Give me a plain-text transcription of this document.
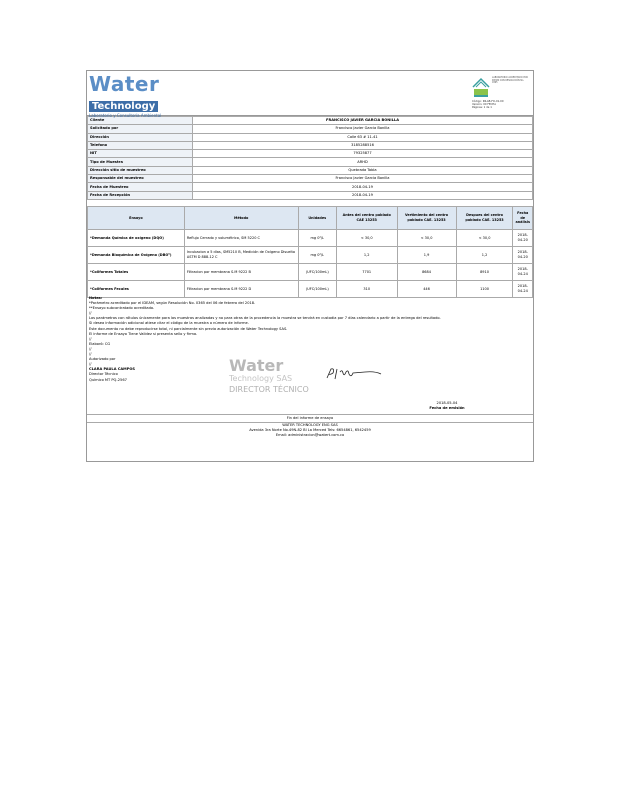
Water
Technology
Laboratorio y Consultoría Ambiental
LABORATORIO ACREDITADO POR IDEAM CON RESOLUCIÓN No. 0365
Código: INLAB-FO-01-00
Versión: 00 FECHA
Páginas: 1 de 1
Cliente	FRANCISCO JAVIER GARCIA BONILLA
Solicitado por	Francisco Javier Garcia Bonilla
Dirección	Calle 63 # 11-41
Telefono	3185288516
NIT	79325877
Tipo de Muestra	ARHD
Dirección sitio de muestreo	Quebrada Tabla
Responsable del muestreo	Francisco Javier Garcia Bonilla
Fecha de Muestreo	2018-04-19
Fecha de Recepción	2018-04-19
Ensayo	Método	Unidades	Antes del centro poblado CAE 13253	Vertimiento del centro poblado CAE. 13253	Despues del centro poblado CAE. 13253	Fecha de análisis
*Demanda Química de oxígeno (DQO)	Reflujo Cerrado y volumétrico, SM 5220 C	mg 0²/L	< 30,0	< 30,0	< 30,0	2018-04-20
*Demanda Bioquímica de Oxígeno (DBO⁵)	Incubacion a 5 días, SM5210 B, Medición de Oxígeno Disuelto ASTM D 888-12 C	mg 0²/L	1,2	1,9	1,2	2018-04-20
*Coliformes Totales	Filtracion por membrana S.M 9222 B	(UFC/100mL)	7701	8684	8910	2018-04-24
*Coliformes Fecales	Filtracion por membrana S.M 9222 D	(UFC/100mL)	310	446	1100	2018-04-24
Notas:
*Parámetro acreditado por el IDEAM, según Resolución No. 0365 del 06 de febrero del 2018.
**Ensayo subcontratado acreditado.
//
Los parámetros con rótulos únicamente para las muestras analizadas y no para otras de la procedencia la muestra se tendrá en custodia por 7 días calendario a partir de la entrega del resultado.
Si desea información adicional atiese citar el código de la muestra o número de informe.
Este documento no debe reproducirse total, ni parcialmente sin previa autorización de Water Technology SAS.
El informe de Ensayo Tiene Validez si presenta sello y firma.
//
Elaboró: CG
//
//
Autorizado por
//
CLARA PAULA CAMPOS
Director Técnico
Químico MT PQ-2567
Water
Technology SAS
DIRECTOR TÉCNICO
2018-05-04
Fecha de emisión
Fin del informe de ensayo
WATER TECHNOLOGY ENG SAS
Avenida 3ra Norte No.49N-82 Bl La Merced Tels: 6654861, 6542459
Email: administracion@watert.com.co
